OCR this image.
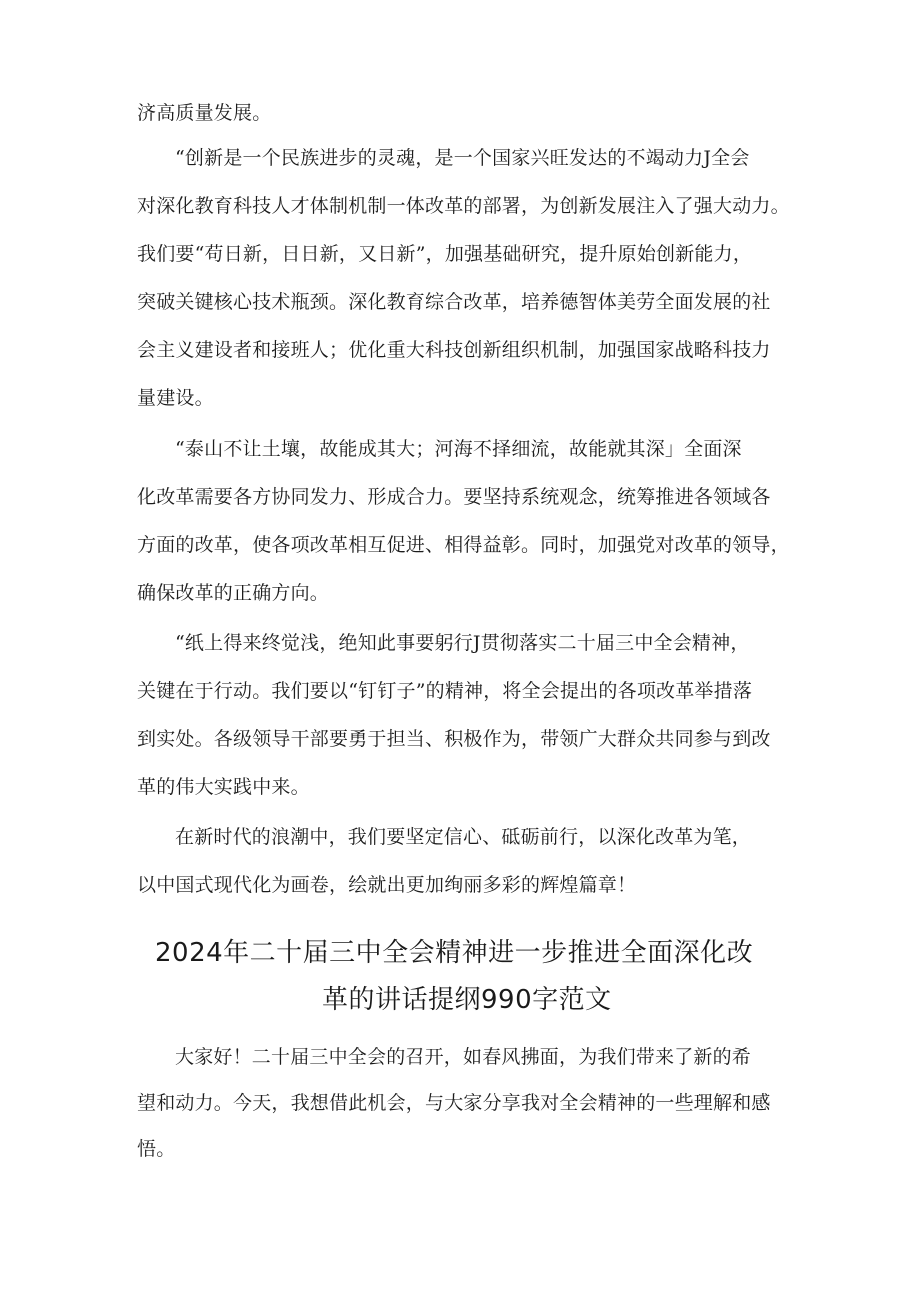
济高质量发展。
“创新是一个民族进步的灵魂，是一个国家兴旺发达的不竭动力J全会
对深化教育科技人才体制机制一体改革的部署，为创新发展注入了强大动力。
我们要“苟日新，日日新，又日新”，加强基础研究，提升原始创新能力，
突破关键核心技术瓶颈。深化教育综合改革，培养德智体美劳全面发展的社
会主义建设者和接班人；优化重大科技创新组织机制，加强国家战略科技力
量建设。
“泰山不让土壤，故能成其大；河海不择细流，故能就其深」全面深
化改革需要各方协同发力、形成合力。要坚持系统观念，统筹推进各领域各
方面的改革，使各项改革相互促进、相得益彰。同时，加强党对改革的领导，
确保改革的正确方向。
“纸上得来终觉浅，绝知此事要躬行J贯彻落实二十届三中全会精神，
关键在于行动。我们要以“钉钉子”的精神，将全会提出的各项改革举措落
到实处。各级领导干部要勇于担当、积极作为，带领广大群众共同参与到改
革的伟大实践中来。
在新时代的浪潮中，我们要坚定信心、砥砺前行，以深化改革为笔，
以中国式现代化为画卷，绘就出更加绚丽多彩的辉煌篇章！
2024年二十届三中全会精神进一步推进全面深化改
革的讲话提纲990字范文
大家好！二十届三中全会的召开，如春风拂面，为我们带来了新的希
望和动力。今天，我想借此机会，与大家分享我对全会精神的一些理解和感
悟。
